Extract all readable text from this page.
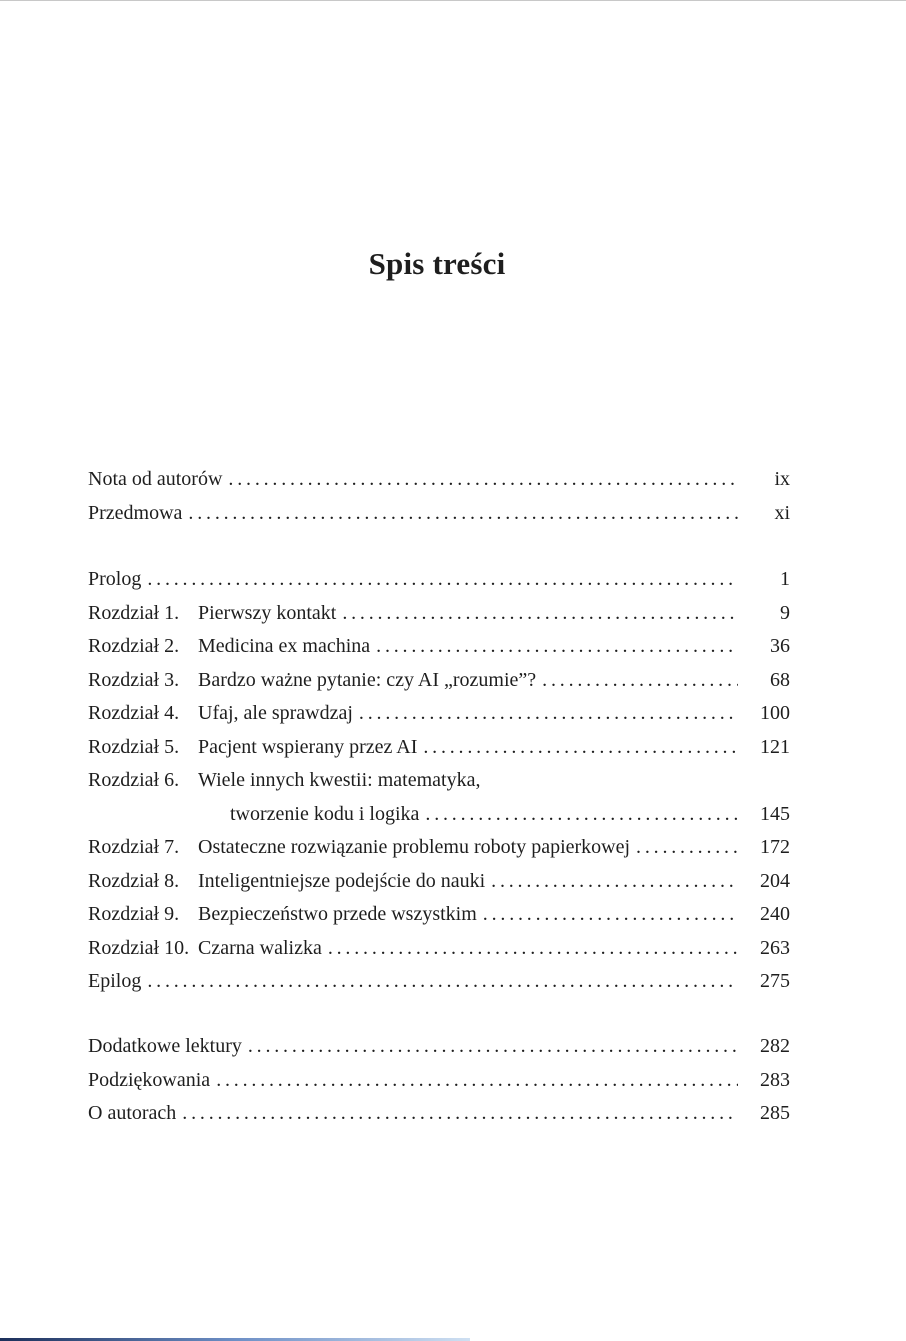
Spis treści
Nota od autorów . . .	ix
Przedmowa . . .	xi
Prolog . . .	1
Rozdział 1. Pierwszy kontakt . . .	9
Rozdział 2. Medicina ex machina . . .	36
Rozdział 3. Bardzo ważne pytanie: czy AI „rozumie”? . . .	68
Rozdział 4. Ufaj, ale sprawdzaj . . .	100
Rozdział 5. Pacjent wspierany przez AI . . .	121
Rozdział 6. Wiele innych kwestii: matematyka,
tworzenie kodu i logika . . .	145
Rozdział 7. Ostateczne rozwiązanie problemu roboty papierkowej . . .	172
Rozdział 8. Inteligentniejsze podejście do nauki . . .	204
Rozdział 9. Bezpieczeństwo przede wszystkim . . .	240
Rozdział 10. Czarna walizka . . .	263
Epilog . . .	275
Dodatkowe lektury . . .	282
Podziękowania . . .	283
O autorach . . .	285
